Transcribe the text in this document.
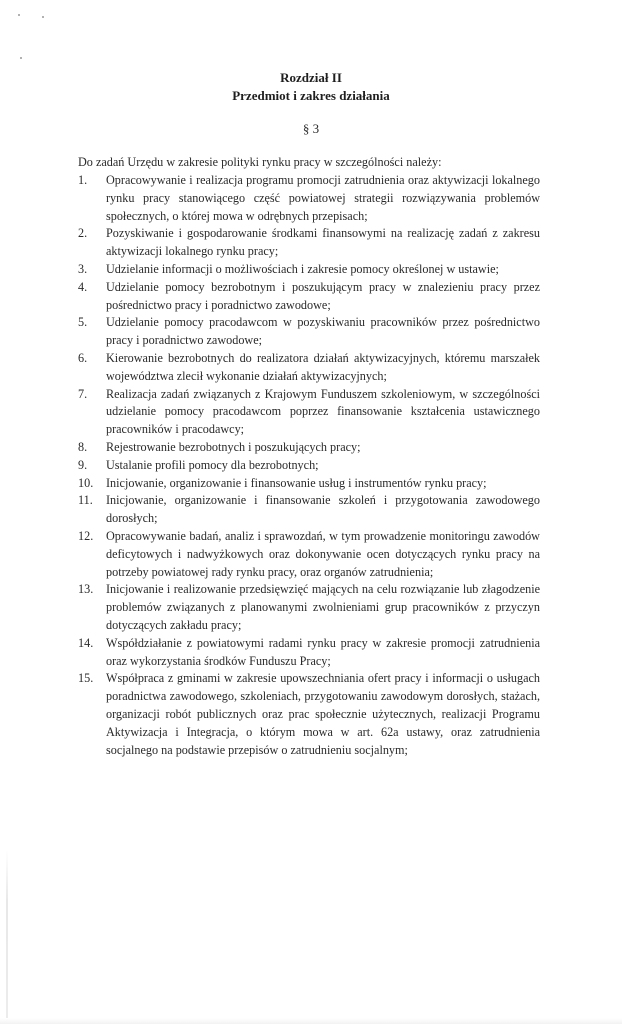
Rozdział II
Przedmiot i zakres działania
§ 3
Do zadań Urzędu w zakresie polityki rynku pracy w szczególności należy:
1.	Opracowywanie i realizacja programu promocji zatrudnienia oraz aktywizacji lokalnego rynku pracy stanowiącego część powiatowej strategii rozwiązywania problemów społecznych, o której mowa w odrębnych przepisach;
2.	Pozyskiwanie i gospodarowanie środkami finansowymi na realizację zadań z zakresu aktywizacji lokalnego rynku pracy;
3.	Udzielanie informacji o możliwościach i zakresie pomocy określonej w ustawie;
4.	Udzielanie pomocy bezrobotnym i poszukującym pracy w znalezieniu pracy przez pośrednictwo pracy i poradnictwo zawodowe;
5.	Udzielanie pomocy pracodawcom w pozyskiwaniu pracowników przez pośrednictwo pracy i poradnictwo zawodowe;
6.	Kierowanie bezrobotnych do realizatora działań aktywizacyjnych, któremu marszałek województwa zlecił wykonanie działań aktywizacyjnych;
7.	Realizacja zadań związanych z Krajowym Funduszem szkoleniowym, w szczególności udzielanie pomocy pracodawcom poprzez finansowanie kształcenia ustawicznego pracowników i pracodawcy;
8.	Rejestrowanie bezrobotnych i poszukujących pracy;
9.	Ustalanie profili pomocy dla bezrobotnych;
10.	Inicjowanie, organizowanie i finansowanie usług i instrumentów rynku pracy;
11.	Inicjowanie, organizowanie i finansowanie szkoleń i przygotowania zawodowego dorosłych;
12.	Opracowywanie badań, analiz i sprawozdań, w tym prowadzenie monitoringu zawodów deficytowych i nadwyżkowych oraz dokonywanie ocen dotyczących rynku pracy na potrzeby powiatowej rady rynku pracy, oraz organów zatrudnienia;
13.	Inicjowanie i realizowanie przedsięwzięć mających na celu rozwiązanie lub złagodzenie problemów związanych z planowanymi zwolnieniami grup pracowników z przyczyn dotyczących zakładu pracy;
14.	Współdziałanie z powiatowymi radami rynku pracy w zakresie promocji zatrudnienia oraz wykorzystania środków Funduszu Pracy;
15.	Współpraca z gminami w zakresie upowszechniania ofert pracy i informacji o usługach poradnictwa zawodowego, szkoleniach, przygotowaniu zawodowym dorosłych, stażach, organizacji robót publicznych oraz prac społecznie użytecznych, realizacji Programu Aktywizacja i Integracja, o którym mowa w art. 62a ustawy, oraz zatrudnienia socjalnego na podstawie przepisów o zatrudnieniu socjalnym;
